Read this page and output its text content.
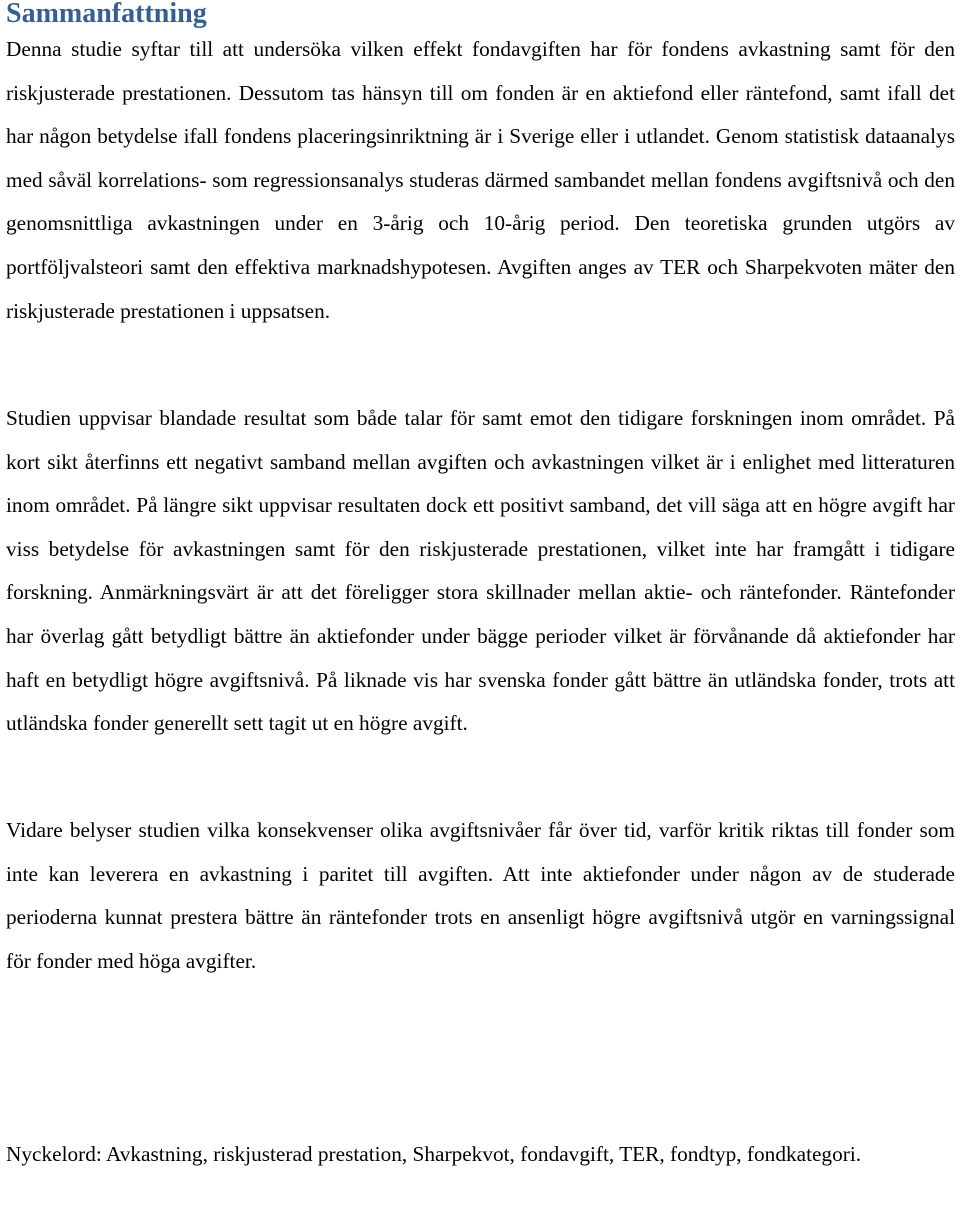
Sammanfattning

Denna studie syftar till att undersöka vilken effekt fondavgiften har för fondens avkastning samt för den riskjusterade prestationen. Dessutom tas hänsyn till om fonden är en aktiefond eller räntefond, samt ifall det har någon betydelse ifall fondens placeringsinriktning är i Sverige eller i utlandet. Genom statistisk dataanalys med såväl korrelations- som regressionsanalys studeras därmed sambandet mellan fondens avgiftsnivå och den genomsnittliga avkastningen under en 3-årig och 10-årig period. Den teoretiska grunden utgörs av portföljvalsteori samt den effektiva marknadshypotesen. Avgiften anges av TER och Sharpekvoten mäter den riskjusterade prestationen i uppsatsen.

Studien uppvisar blandade resultat som både talar för samt emot den tidigare forskningen inom området. På kort sikt återfinns ett negativt samband mellan avgiften och avkastningen vilket är i enlighet med litteraturen inom området. På längre sikt uppvisar resultaten dock ett positivt samband, det vill säga att en högre avgift har viss betydelse för avkastningen samt för den riskjusterade prestationen, vilket inte har framgått i tidigare forskning. Anmärkningsvärt är att det föreligger stora skillnader mellan aktie- och räntefonder. Räntefonder har överlag gått betydligt bättre än aktiefonder under bägge perioder vilket är förvånande då aktiefonder har haft en betydligt högre avgiftsnivå. På liknade vis har svenska fonder gått bättre än utländska fonder, trots att utländska fonder generellt sett tagit ut en högre avgift.

Vidare belyser studien vilka konsekvenser olika avgiftsnivåer får över tid, varför kritik riktas till fonder som inte kan leverera en avkastning i paritet till avgiften. Att inte aktiefonder under någon av de studerade perioderna kunnat prestera bättre än räntefonder trots en ansenligt högre avgiftsnivå utgör en varningssignal för fonder med höga avgifter.

Nyckelord: Avkastning, riskjusterad prestation, Sharpekvot, fondavgift, TER, fondtyp, fondkategori.
